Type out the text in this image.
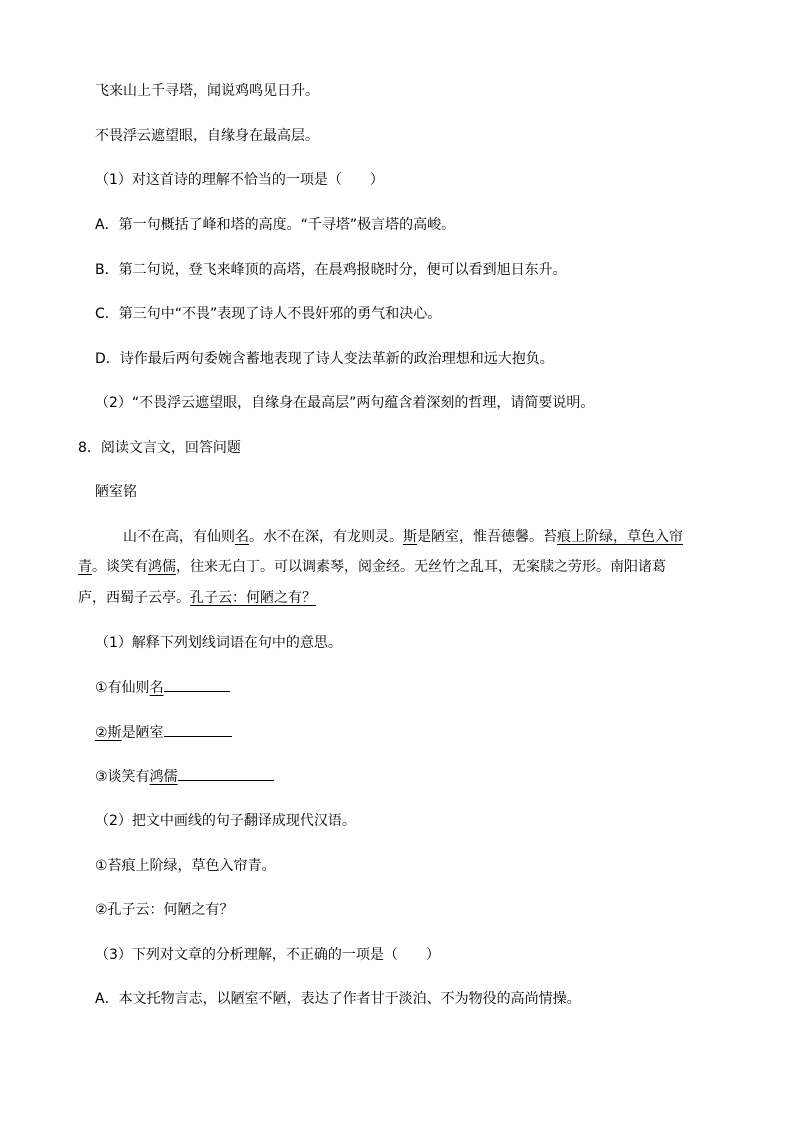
飞来山上千寻塔，闻说鸡鸣见日升。

不畏浮云遮望眼，自缘身在最高层。

（1）对这首诗的理解不恰当的一项是（　　）

A．第一句概括了峰和塔的高度。“千寻塔”极言塔的高峻。

B．第二句说，登飞来峰顶的高塔，在晨鸡报晓时分，便可以看到旭日东升。

C．第三句中“不畏”表现了诗人不畏奸邪的勇气和决心。

D．诗作最后两句委婉含蓄地表现了诗人变法革新的政治理想和远大抱负。

（2）“不畏浮云遮望眼，自缘身在最高层”两句蕴含着深刻的哲理，请简要说明。

8．阅读文言文，回答问题

陋室铭

山不在高，有仙则名。水不在深，有龙则灵。斯是陋室，惟吾德馨。苔痕上阶绿，草色入帘

青。谈笑有鸿儒，往来无白丁。可以调素琴，阅金经。无丝竹之乱耳，无案牍之劳形。南阳诸葛

庐，西蜀子云亭。孔子云：何陋之有？

（1）解释下列划线词语在句中的意思。

①有仙则名

②斯是陋室

③谈笑有鸿儒

（2）把文中画线的句子翻译成现代汉语。

①苔痕上阶绿，草色入帘青。

②孔子云：何陋之有？

（3）下列对文章的分析理解，不正确的一项是（　　）

A．本文托物言志，以陋室不陋，表达了作者甘于淡泊、不为物役的高尚情操。
